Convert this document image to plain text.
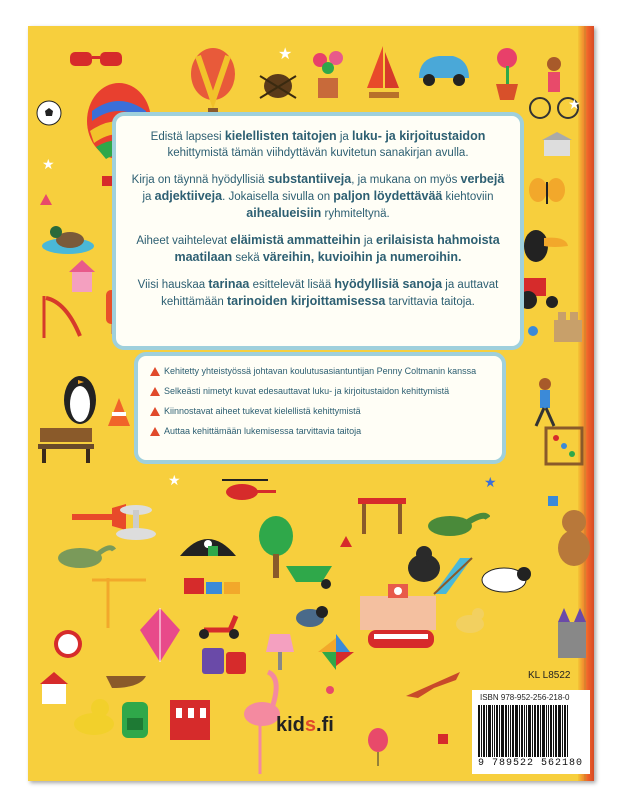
★
★
★
★
★

Edistä lapsesi kielellisten taitojen ja luku- ja kirjoitustaidon kehittymistä tämän viihdyttävän kuvitetun sanakirjan avulla.

Kirja on täynnä hyödyllisiä substantiiveja, ja mukana on myös verbejä ja adjektiiveja. Jokaisella sivulla on paljon löydettävää kiehtoviin aihealueisiin ryhmiteltynä.

Aiheet vaihtelevat eläimistä ammatteihin ja erilaisista hahmoista maatilaan sekä väreihin, kuvioihin ja numeroihin.

Viisi hauskaa tarinaa esittelevät lisää hyödyllisiä sanoja ja auttavat kehittämään tarinoiden kirjoittamisessa tarvittavia taitoja.

Kehitetty yhteistyössä johtavan koulutusasiantuntijan Penny Coltmanin kanssa
Selkeästi nimetyt kuvat edesauttavat luku- ja kirjoitustaidon kehittymistä
Kiinnostavat aiheet tukevat kielellistä kehittymistä
Auttaa kehittämään lukemisessa tarvittavia taitoja
KL L8522
ISBN 978-952-256-218-0
9 789522 562180
kids.fi
